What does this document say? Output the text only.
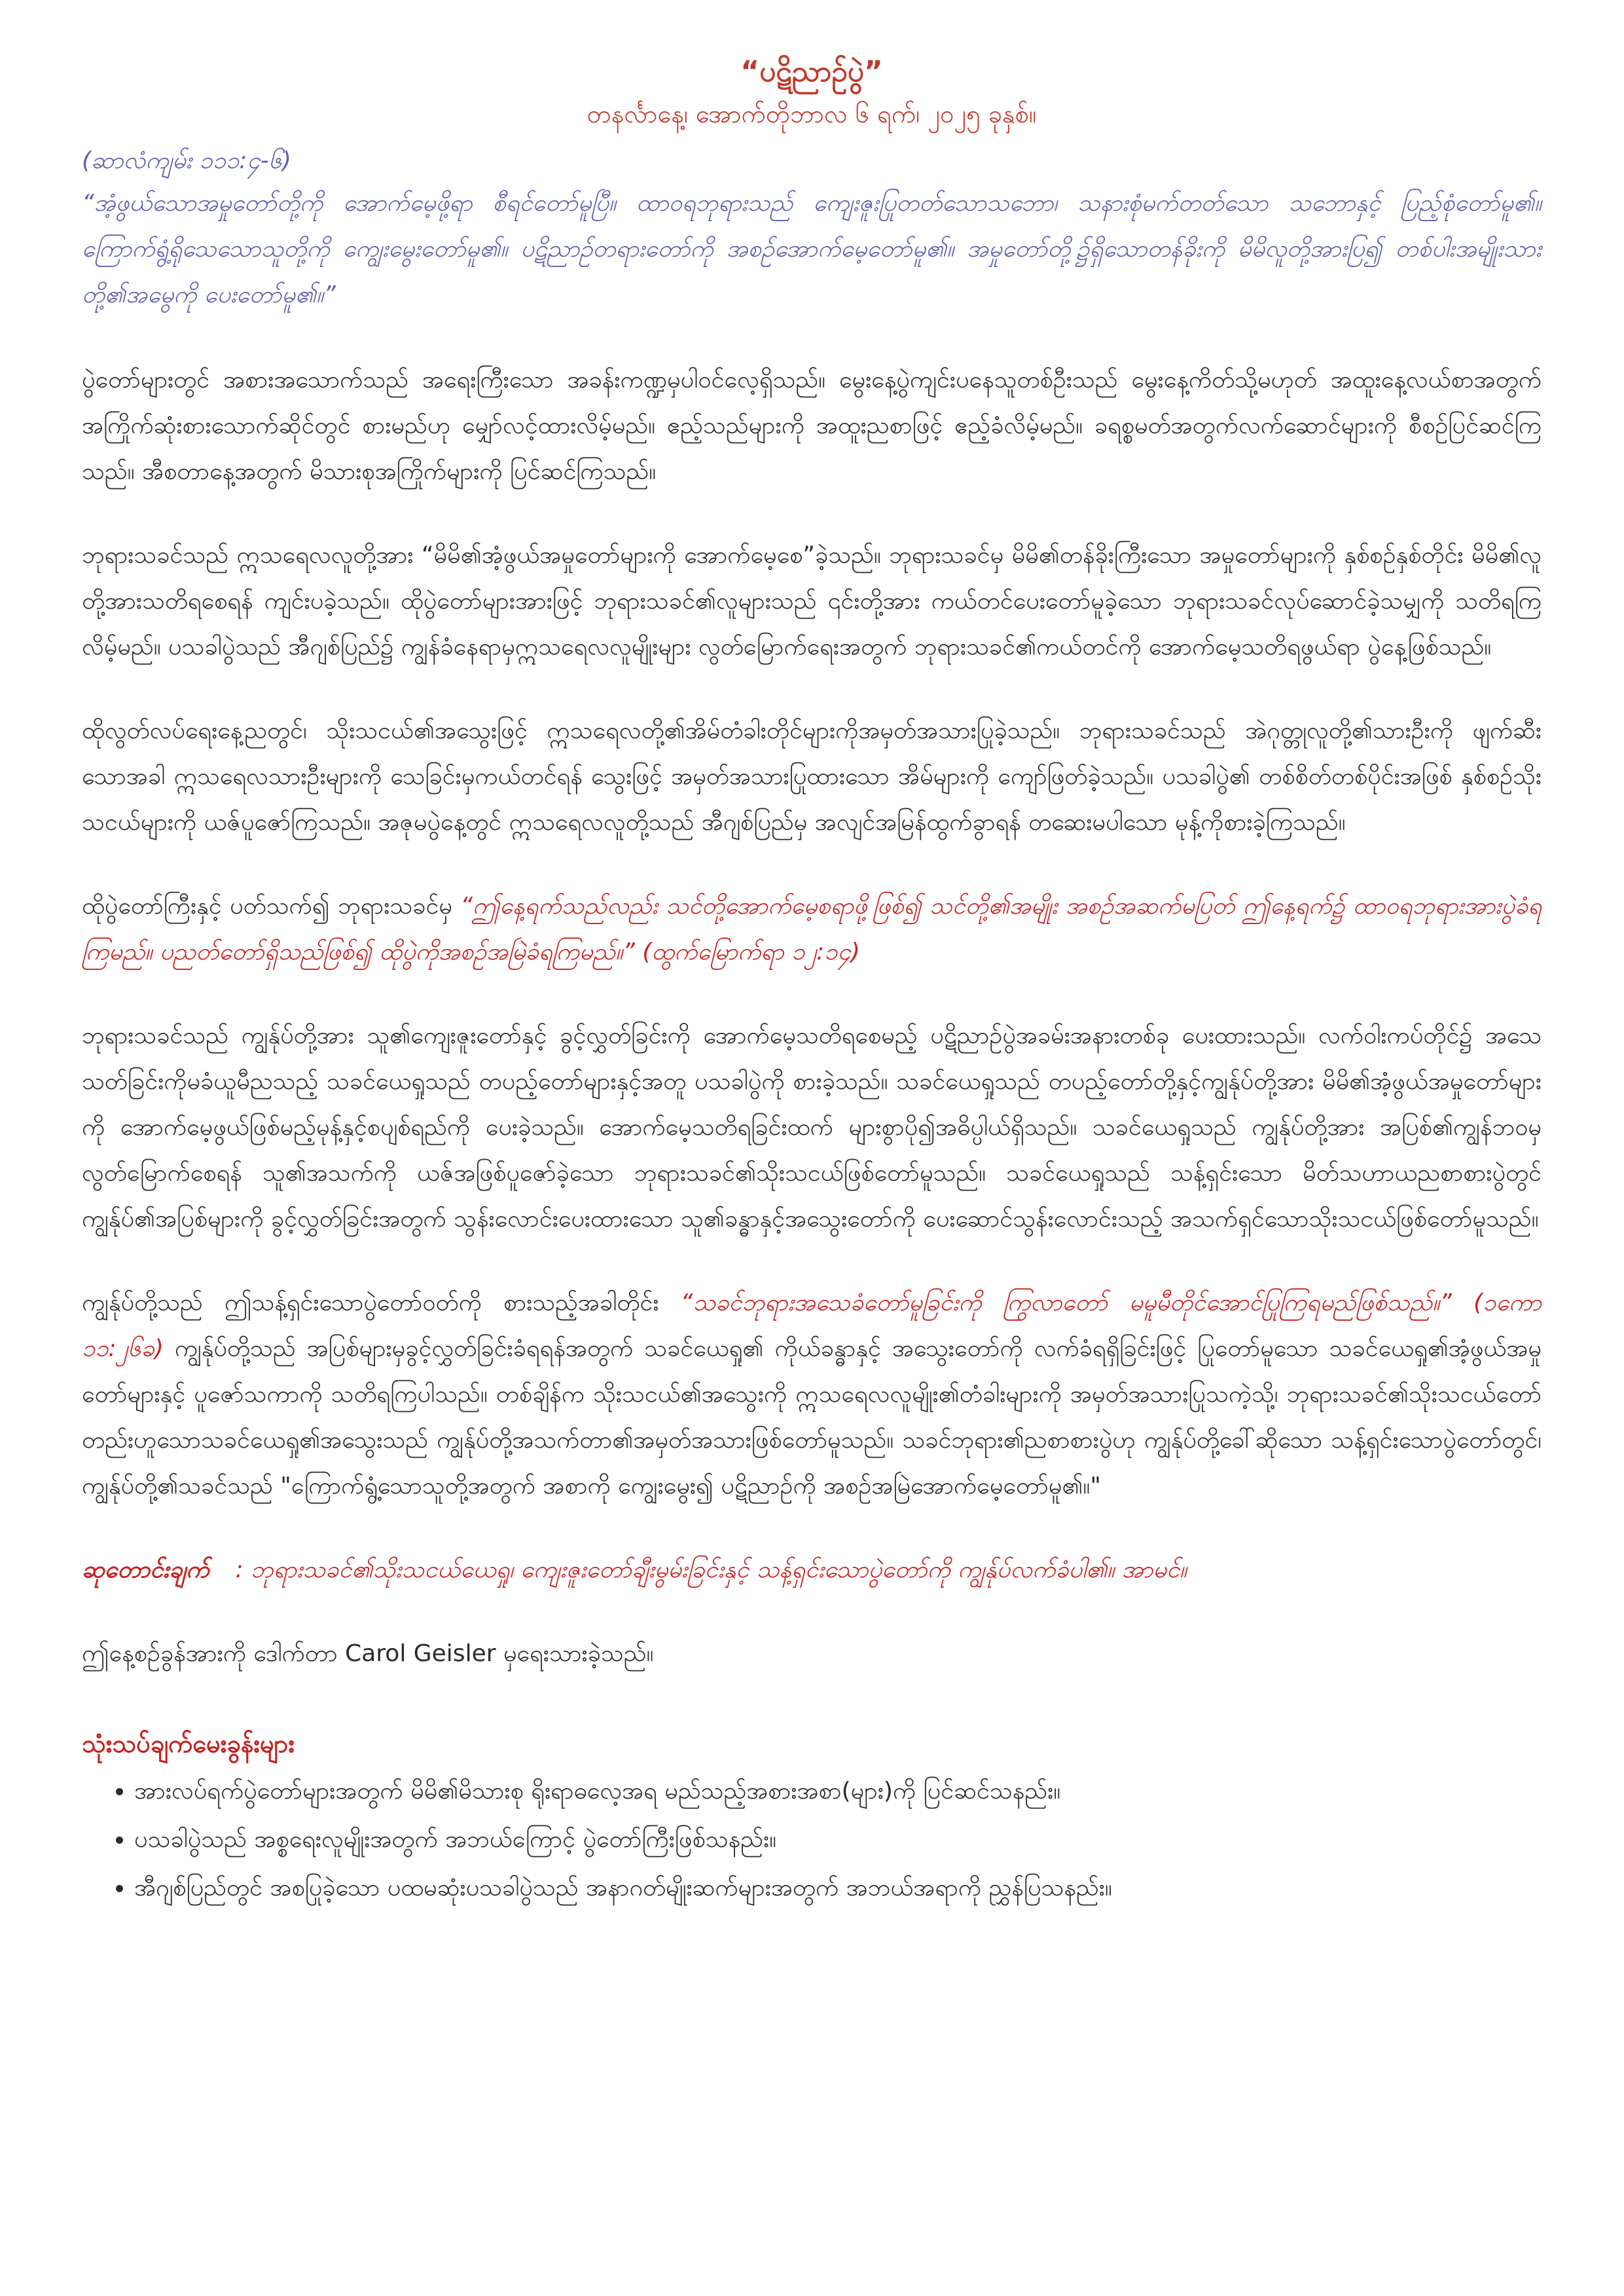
“ပဋိညာဉ်ပွဲ”
တနင်္လာနေ့၊ အောက်တိုဘာလ ၆ ရက်၊ ၂၀၂၅ ခုနှစ်။
(ဆာလံကျမ်း ၁၁၁:၄-၆)
“အံ့ဖွယ်သောအမှုတော်တို့ကို အောက်မေ့ဖို့ရာ စီရင်တော်မူပြီ။ ထာဝရဘုရားသည် ကျေးဇူးပြုတတ်သောသဘော၊ သနားစုံမက်တတ်သော သဘောနှင့် ပြည့်စုံတော်မူ၏။ ကြောက်ရွံ့ရိုသေသောသူတို့ကို ကျွေးမွေးတော်မူ၏။ ပဋိညာဉ်တရားတော်ကို အစဉ်အောက်မေ့တော်မူ၏။ အမှုတော်တို့၌ရှိသောတန်ခိုးကို မိမိလူတို့အားပြ၍ တစ်ပါးအမျိုးသားတို့၏အမွေကို ပေးတော်မူ၏။”

ပွဲတော်များတွင် အစားအသောက်သည် အရေးကြီးသော အခန်းကဏ္ဍမှပါဝင်လေ့ရှိသည်။ မွေးနေ့ပွဲကျင်းပနေသူတစ်ဦးသည် မွေးနေ့ကိတ်သို့မဟုတ် အထူးနေ့လယ်စာအတွက် အကြိုက်ဆုံးစားသောက်ဆိုင်တွင် စားမည်ဟု မျှော်လင့်ထားလိမ့်မည်။ ဧည့်သည်များကို အထူးညစာဖြင့် ဧည့်ခံလိမ့်မည်။ ခရစ္စမတ်အတွက်လက်ဆောင်များကို စီစဉ်ပြင်ဆင်ကြသည်။ အီစတာနေ့အတွက် မိသားစုအကြိုက်များကို ပြင်ဆင်ကြသည်။

ဘုရားသခင်သည် ဣသရေလလူတို့အား “မိမိ၏အံ့ဖွယ်အမှုတော်များကို အောက်မေ့စေ”ခဲ့သည်။ ဘုရားသခင်မှ မိမိ၏တန်ခိုးကြီးသော အမှုတော်များကို နှစ်စဉ်နှစ်တိုင်း မိမိ၏လူတို့အားသတိရစေရန် ကျင်းပခဲ့သည်။ ထိုပွဲတော်များအားဖြင့် ဘုရားသခင်၏လူများသည် ၎င်းတို့အား ကယ်တင်ပေးတော်မူခဲ့သော ဘုရားသခင်လုပ်ဆောင်ခဲ့သမျှကို သတိရကြလိမ့်မည်။ ပသခါပွဲသည် အီဂျစ်ပြည်၌ ကျွန်ခံနေရာမှဣသရေလလူမျိုးများ လွတ်မြောက်ရေးအတွက် ဘုရားသခင်၏ကယ်တင်ကို အောက်မေ့သတိရဖွယ်ရာ ပွဲနေ့ဖြစ်သည်။

ထိုလွတ်လပ်ရေးနေ့ညတွင်၊ သိုးသငယ်၏အသွေးဖြင့် ဣသရေလတို့၏အိမ်တံခါးတိုင်များကိုအမှတ်အသားပြုခဲ့သည်။ ဘုရားသခင်သည် အဲဂုတ္တုလူတို့၏သားဦးကို ဖျက်ဆီးသောအခါ ဣသရေလသားဦးများကို သေခြင်းမှကယ်တင်ရန် သွေးဖြင့် အမှတ်အသားပြုထားသော အိမ်များကို ကျော်ဖြတ်ခဲ့သည်။ ပသခါပွဲ၏ တစ်စိတ်တစ်ပိုင်းအဖြစ် နှစ်စဉ်သိုးသငယ်များကို ယဇ်ပူဇော်ကြသည်။ အဇုမပွဲနေ့တွင် ဣသရေလလူတို့သည် အီဂျစ်ပြည်မှ အလျင်အမြန်ထွက်ခွာရန် တဆေးမပါသော မုန့်ကိုစားခဲ့ကြသည်။

ထိုပွဲတော်ကြီးနှင့် ပတ်သက်၍ ဘုရားသခင်မှ “ဤနေ့ရက်သည်လည်း သင်တို့အောက်မေ့စရာဖို့ဖြစ်၍ သင်တို့၏အမျိုး အစဉ်အဆက်မပြတ် ဤနေ့ရက်၌ ထာဝရဘုရားအားပွဲခံရကြမည်။ ပညတ်တော်ရှိသည်ဖြစ်၍ ထိုပွဲကိုအစဉ်အမြဲခံရကြမည်။” (ထွက်မြောက်ရာ ၁၂:၁၄)

ဘုရားသခင်သည် ကျွန်ုပ်တို့အား သူ၏ကျေးဇူးတော်နှင့် ခွင့်လွှတ်ခြင်းကို အောက်မေ့သတိရစေမည့် ပဋိညာဉ်ပွဲအခမ်းအနားတစ်ခု ပေးထားသည်။ လက်ဝါးကပ်တိုင်၌ အသေသတ်ခြင်းကိုမခံယူမီညသည့် သခင်ယေရှုသည် တပည့်တော်များနှင့်အတူ ပသခါပွဲကို စားခဲ့သည်။ သခင်ယေရှုသည် တပည့်တော်တို့နှင့်ကျွန်ုပ်တို့အား မိမိ၏အံ့ဖွယ်အမှုတော်များကို အောက်မေ့ဖွယ်ဖြစ်မည့်မုန့်နှင့်စပျစ်ရည်ကို ပေးခဲ့သည်။ အောက်မေ့သတိရခြင်းထက် များစွာပို၍အဓိပ္ပါယ်ရှိသည်။ သခင်ယေရှုသည် ကျွန်ုပ်တို့အား အပြစ်၏ကျွန်ဘဝမှ လွတ်မြောက်စေရန် သူ၏အသက်ကို ယဇ်အဖြစ်ပူဇော်ခဲ့သော ဘုရားသခင်၏သိုးသငယ်ဖြစ်တော်မူသည်။ သခင်ယေရှုသည် သန့်ရှင်းသော မိတ်သဟာယညစာစားပွဲတွင် ကျွန်ုပ်၏အပြစ်များကို ခွင့်လွှတ်ခြင်းအတွက် သွန်းလောင်းပေးထားသော သူ၏ခန္ဓာနှင့်အသွေးတော်ကို ပေးဆောင်သွန်းလောင်းသည့် အသက်ရှင်သောသိုးသငယ်ဖြစ်တော်မူသည်။

ကျွန်ုပ်တို့သည် ဤသန့်ရှင်းသောပွဲတော်ဝတ်ကို စားသည့်အခါတိုင်း “သခင်ဘုရားအသေခံတော်မူခြင်းကို ကြွလာတော် မမူမီတိုင်အောင်ပြုကြရမည်ဖြစ်သည်။” (၁ကော ၁၁:၂၆ခ) ကျွန်ုပ်တို့သည် အပြစ်များမှခွင့်လွှတ်ခြင်းခံရရန်အတွက် သခင်ယေရှု၏ ကိုယ်ခန္ဓာနှင့် အသွေးတော်ကို လက်ခံရရှိခြင်းဖြင့် ပြုတော်မူသော သခင်ယေရှု၏အံ့ဖွယ်အမှုတော်များနှင့် ပူဇော်သကာကို သတိရကြပါသည်။ တစ်ချိန်က သိုးသငယ်၏အသွေးကို ဣသရေလလူမျိုး၏တံခါးများကို အမှတ်အသားပြုသကဲ့သို့၊ ဘုရားသခင်၏သိုးသငယ်တော်တည်းဟူသောသခင်ယေရှု၏အသွေးသည် ကျွန်ုပ်တို့အသက်တာ၏အမှတ်အသားဖြစ်တော်မူသည်။ သခင်ဘုရား၏ညစာစားပွဲဟု ကျွန်ုပ်တို့ခေါ်ဆိုသော သန့်ရှင်းသောပွဲတော်တွင်၊ ကျွန်ုပ်တို့၏သခင်သည် "ကြောက်ရွံ့သောသူတို့အတွက် အစာကို ကျွေးမွေး၍ ပဋိညာဉ်ကို အစဉ်အမြဲအောက်မေ့တော်မူ၏။"

ဆုတောင်းချက် : ဘုရားသခင်၏သိုးသငယ်ယေရှု၊ ကျေးဇူးတော်ချီးမွမ်းခြင်းနှင့် သန့်ရှင်းသောပွဲတော်ကို ကျွန်ုပ်လက်ခံပါ၏။ အာမင်။
ဤနေ့စဉ်ခွန်အားကို ဒေါက်တာ Carol Geisler မှရေးသားခဲ့သည်။
သုံးသပ်ချက်မေးခွန်းများ
• အားလပ်ရက်ပွဲတော်များအတွက် မိမိ၏မိသားစု ရိုးရာဓလေ့အရ မည်သည့်အစားအစာ(များ)ကို ပြင်ဆင်သနည်း။
• ပသခါပွဲသည် အစ္စရေးလူမျိုးအတွက် အဘယ်ကြောင့် ပွဲတော်ကြီးဖြစ်သနည်း။
• အီဂျစ်ပြည်တွင် အစပြုခဲ့သော ပထမဆုံးပသခါပွဲသည် အနာဂတ်မျိုးဆက်များအတွက် အဘယ်အရာကို ညွှန်ပြသနည်း။
